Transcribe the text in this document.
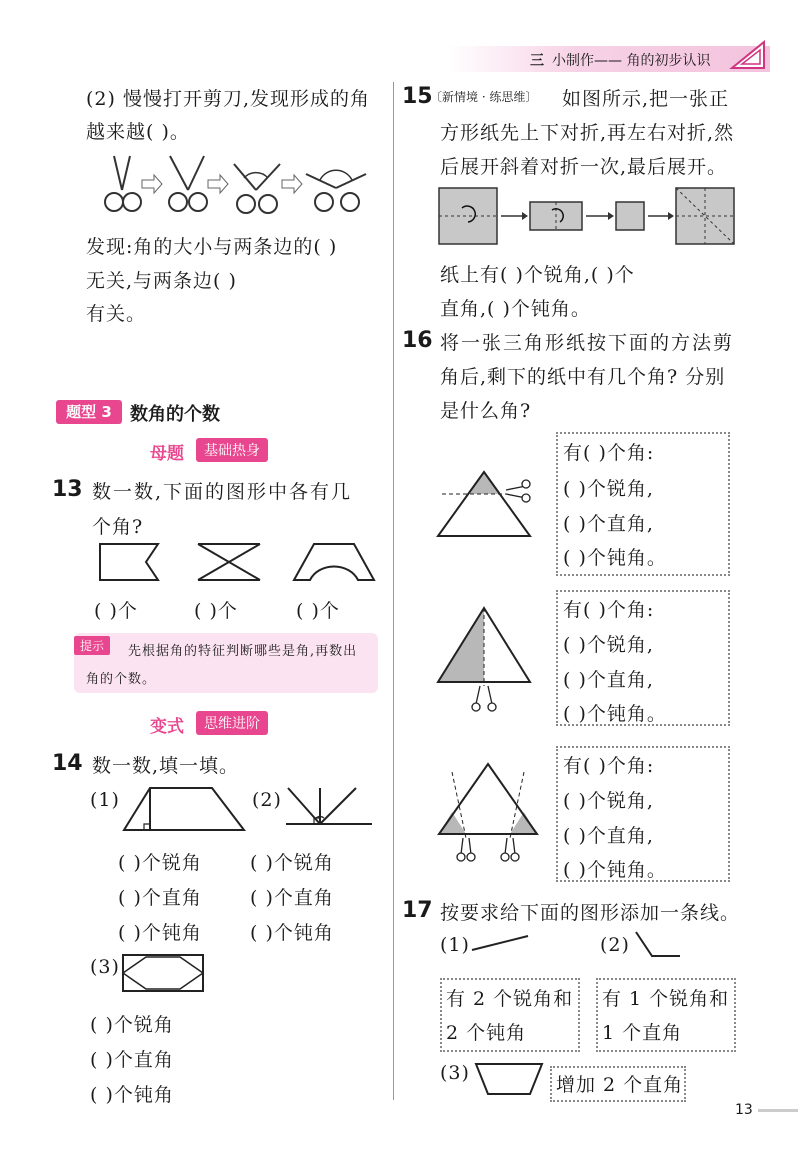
三 小制作—— 角的初步认识
(2) 慢慢打开剪刀,发现形成的角
越来越( )。
发现:角的大小与两条边的( )
无关,与两条边( )
有关。
题型 3	数角的个数
母题	基础热身
13 数一数,下面的图形中各有几
个角?
( )个	( )个	( )个
提示	先根据角的特征判断哪些是角,再数出
角的个数。
变式	思维进阶
14 数一数,填一填。
(1)	(2)
( )个锐角
( )个直角
( )个钝角
( )个锐角
( )个直角
( )个钝角
(3)
( )个锐角
( )个直角
( )个钝角
15
〔新情境 · 练思维〕 如图所示,把一张正
方形纸先上下对折,再左右对折,然
后展开斜着对折一次,最后展开。
纸上有( )个锐角,( )个
直角,( )个钝角。
16 将一张三角形纸按下面的方法剪
角后,剩下的纸中有几个角? 分别
是什么角?
有( )个角:
( )个锐角,
( )个直角,
( )个钝角。
有( )个角:
( )个锐角,
( )个直角,
( )个钝角。
有( )个角:
( )个锐角,
( )个直角,
( )个钝角。
17 按要求给下面的图形添加一条线。
(1)	(2)
有 2 个锐角和
2 个钝角
有 1 个锐角和
1 个直角
(3)
增加 2 个直角
13
